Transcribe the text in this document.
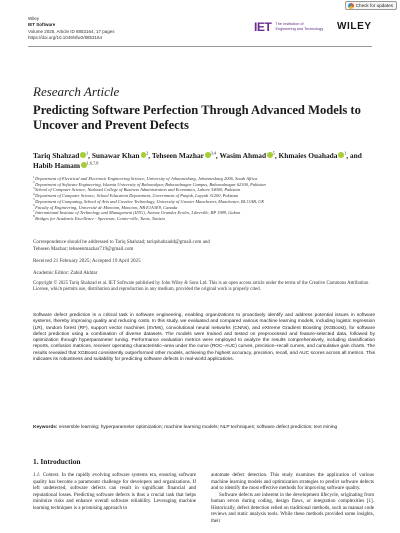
Check for updates
Wiley
IET Software
Volume 2025, Article ID 8853164, 17 pages
https://doi.org/10.1049/sfw2/8853164
IET The Institution of
Engineering and Technology	WILEY
Research Article
Predicting Software Perfection Through Advanced Models to Uncover and Prevent Defects
Tariq Shahzad $^1$, Sunawar Khan $^2$, Tehseen Mazhar $^{3,4}$, Wasim Ahmad $^5$, Khmaies Ouahada $^1$, and Habib Hamam $^{1,6,7,8}$
$^1$Department of Electrical and Electronic Engineering Science, University of Johannesburg, Johannesburg 2006, South Africa
$^2$Department of Software Engineering, Islamia University of Bahawalpur, Bahawalnagar Campus, Bahawalnagar 62300, Pakistan
$^3$School of Computer Science, National College of Business Administration and Economics, Lahore 54000, Pakistan
$^4$Department of Computer Science, School Education Department, Government of Punjab, Layyah 31200, Pakistan
$^5$Department of Computing, School of Arts and Creative Technology, University of Greater Manchester, Manchester, BL13AB, UK
$^6$Faculty of Engineering, Université de Moncton, Moncton, NB E1A3E9, Canada
$^7$International Institute of Technology and Management (IITG), Avenue Grandes Ecoles, Libreville, BP 1989, Gabon
$^8$Bridges for Academic Excellence - Spectrum, Centre-ville, Tunis, Tunisia
Correspondence should be addressed to Tariq Shahzad; tariqshahzadd@gmail.com and
Tehseen Mazhar; tehseenmazhar719@gmail.com
Received 21 February 2025; Accepted 19 April 2025
Academic Editor: Zahid Akhtar
Copyright © 2025 Tariq Shahzad et al. IET Software published by John Wiley & Sons Ltd. This is an open access article under the terms of the Creative Commons Attribution License, which permits use, distribution and reproduction in any medium, provided the original work is properly cited.
Software defect prediction is a critical task in software engineering, enabling organizations to proactively identify and address potential issues in software systems, thereby improving quality and reducing costs. In this study, we evaluated and compared various machine learning models, including logistic regression (LR), random forest (RF), support vector machines (SVMs), convolutional neural networks (CNNs), and eXtreme Gradient Boosting (XGBoost), for software defect prediction using a combination of diverse datasets. The models were trained and tested on preprocessed and feature-selected data, followed by optimization through hyperparameter tuning. Performance evaluation metrics were employed to analyze the results comprehensively, including classification reports, confusion matrices, receiver operating characteristic–area under the curve (ROC–AUC) curves, precision–recall curves, and cumulative gain charts. The results revealed that XGBoost consistently outperformed other models, achieving the highest accuracy, precision, recall, and AUC scores across all metrics. This indicates its robustness and suitability for predicting software defects in real-world applications.
Keywords: ensemble learning; hyperparameter optimization; machine learning models; NLP techniques; software defect prediction; text mining
1. Introduction

1.1. Context. In the rapidly evolving software systems era, ensuring software quality has become a paramount challenge for developers and organizations. If left undetected, software defects can result in significant financial and reputational losses. Predicting software defects is thus a crucial task that helps minimize risks and enhance overall software reliability. Leveraging machine learning techniques is a promising approach to

automate defect detection. This study examines the application of various machine learning models and optimization strategies to predict software defects and to identify the most effective methods for improving software quality.

Software defects are inherent in the development lifecycle, originating from human errors during coding, design flaws, or integration complexities [1]. Historically, defect detection relied on traditional methods, such as manual code reviews and static analysis tools. While these methods provided some insights, their
